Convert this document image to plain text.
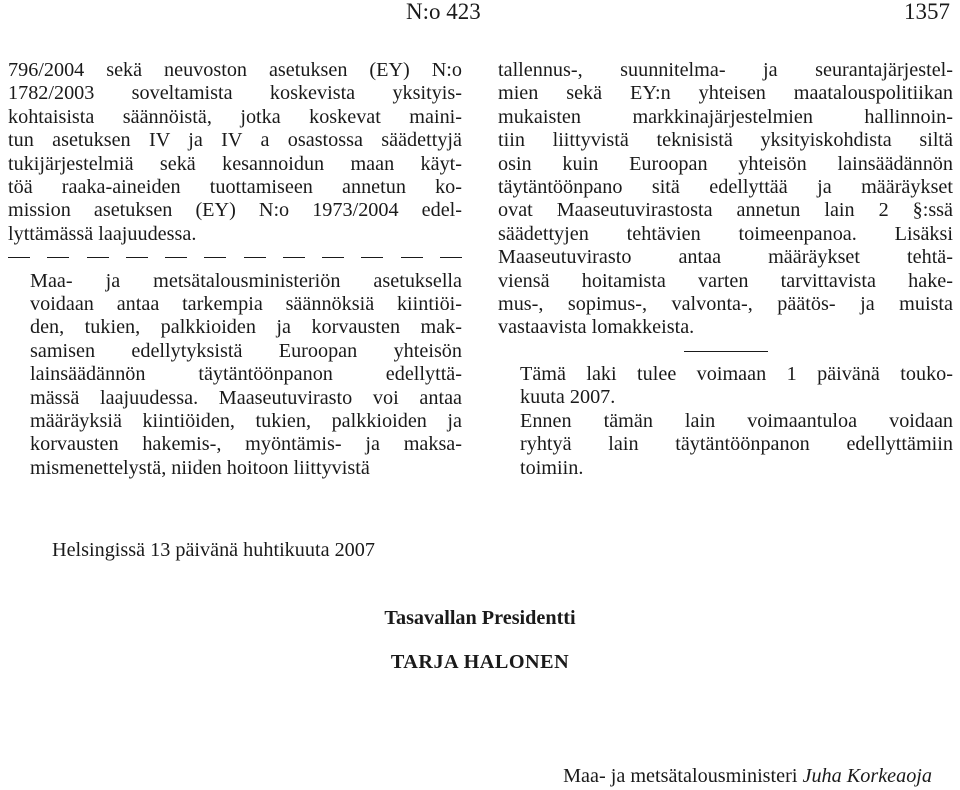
N:o 423	1357

796/2004 sekä neuvoston asetuksen (EY) N:o
1782/2003 soveltamista koskevista yksityis-
kohtaisista säännöistä, jotka koskevat maini-
tun asetuksen IV ja IV a osastossa säädettyjä
tukijärjestelmiä sekä kesannoidun maan käyt-
töä raaka-aineiden tuottamiseen annetun ko-
mission asetuksen (EY) N:o 1973/2004 edel-
lyttämässä laajuudessa.

Maa- ja metsätalousministeriön asetuksella
voidaan antaa tarkempia säännöksiä kiintiöi-
den, tukien, palkkioiden ja korvausten mak-
samisen edellytyksistä Euroopan yhteisön
lainsäädännön täytäntöönpanon edellyttä-
mässä laajuudessa. Maaseutuvirasto voi antaa
määräyksiä kiintiöiden, tukien, palkkioiden ja
korvausten hakemis-, myöntämis- ja maksa-
mismenettelystä, niiden hoitoon liittyvistä

tallennus-, suunnitelma- ja seurantajärjestel-
mien sekä EY:n yhteisen maatalouspolitiikan
mukaisten markkinajärjestelmien hallinnoin-
tiin liittyvistä teknisistä yksityiskohdista siltä
osin kuin Euroopan yhteisön lainsäädännön
täytäntöönpano sitä edellyttää ja määräykset
ovat Maaseutuvirastosta annetun lain 2 §:ssä
säädettyjen tehtävien toimeenpanoa. Lisäksi
Maaseutuvirasto antaa määräykset tehtä-
viensä hoitamista varten tarvittavista hake-
mus-, sopimus-, valvonta-, päätös- ja muista
vastaavista lomakkeista.

Tämä laki tulee voimaan 1 päivänä touko-
kuuta 2007.

Ennen tämän lain voimaantuloa voidaan
ryhtyä lain täytäntöönpanon edellyttämiin
toimiin.

Helsingissä 13 päivänä huhtikuuta 2007
Tasavallan Presidentti
TARJA HALONEN
Maa- ja metsätalousministeri Juha Korkeaoja
